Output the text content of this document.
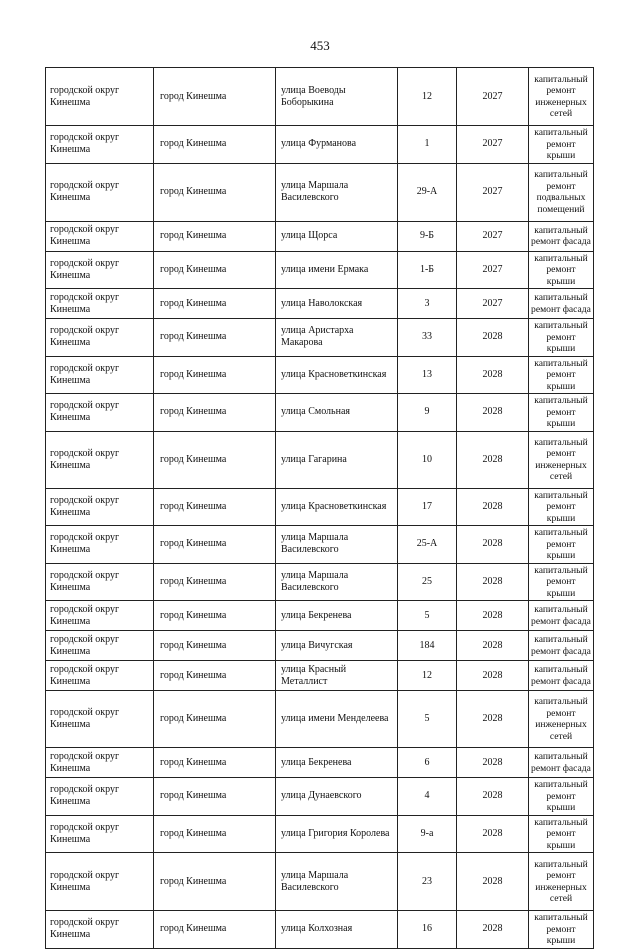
453
городской округ Кинешма	город Кинешма	улица Воеводы Боборыкина	12	2027	капитальный ремонт инженерных сетей
городской округ Кинешма	город Кинешма	улица Фурманова	1	2027	капитальный ремонт крыши
городской округ Кинешма	город Кинешма	улица Маршала Василевского	29-А	2027	капитальный ремонт подвальных помещений
городской округ Кинешма	город Кинешма	улица Щорса	9-Б	2027	капитальный ремонт фасада
городской округ Кинешма	город Кинешма	улица имени Ермака	1-Б	2027	капитальный ремонт крыши
городской округ Кинешма	город Кинешма	улица Наволокская	3	2027	капитальный ремонт фасада
городской округ Кинешма	город Кинешма	улица Аристарха Макарова	33	2028	капитальный ремонт крыши
городской округ Кинешма	город Кинешма	улица Красноветкинская	13	2028	капитальный ремонт крыши
городской округ Кинешма	город Кинешма	улица Смольная	9	2028	капитальный ремонт крыши
городской округ Кинешма	город Кинешма	улица Гагарина	10	2028	капитальный ремонт инженерных сетей
городской округ Кинешма	город Кинешма	улица Красноветкинская	17	2028	капитальный ремонт крыши
городской округ Кинешма	город Кинешма	улица Маршала Василевского	25-А	2028	капитальный ремонт крыши
городской округ Кинешма	город Кинешма	улица Маршала Василевского	25	2028	капитальный ремонт крыши
городской округ Кинешма	город Кинешма	улица Бекренева	5	2028	капитальный ремонт фасада
городской округ Кинешма	город Кинешма	улица Вичугская	184	2028	капитальный ремонт фасада
городской округ Кинешма	город Кинешма	улица Красный Металлист	12	2028	капитальный ремонт фасада
городской округ Кинешма	город Кинешма	улица имени Менделеева	5	2028	капитальный ремонт инженерных сетей
городской округ Кинешма	город Кинешма	улица Бекренева	6	2028	капитальный ремонт фасада
городской округ Кинешма	город Кинешма	улица Дунаевского	4	2028	капитальный ремонт крыши
городской округ Кинешма	город Кинешма	улица Григория Королева	9-а	2028	капитальный ремонт крыши
городской округ Кинешма	город Кинешма	улица Маршала Василевского	23	2028	капитальный ремонт инженерных сетей
городской округ Кинешма	город Кинешма	улица Колхозная	16	2028	капитальный ремонт крыши
